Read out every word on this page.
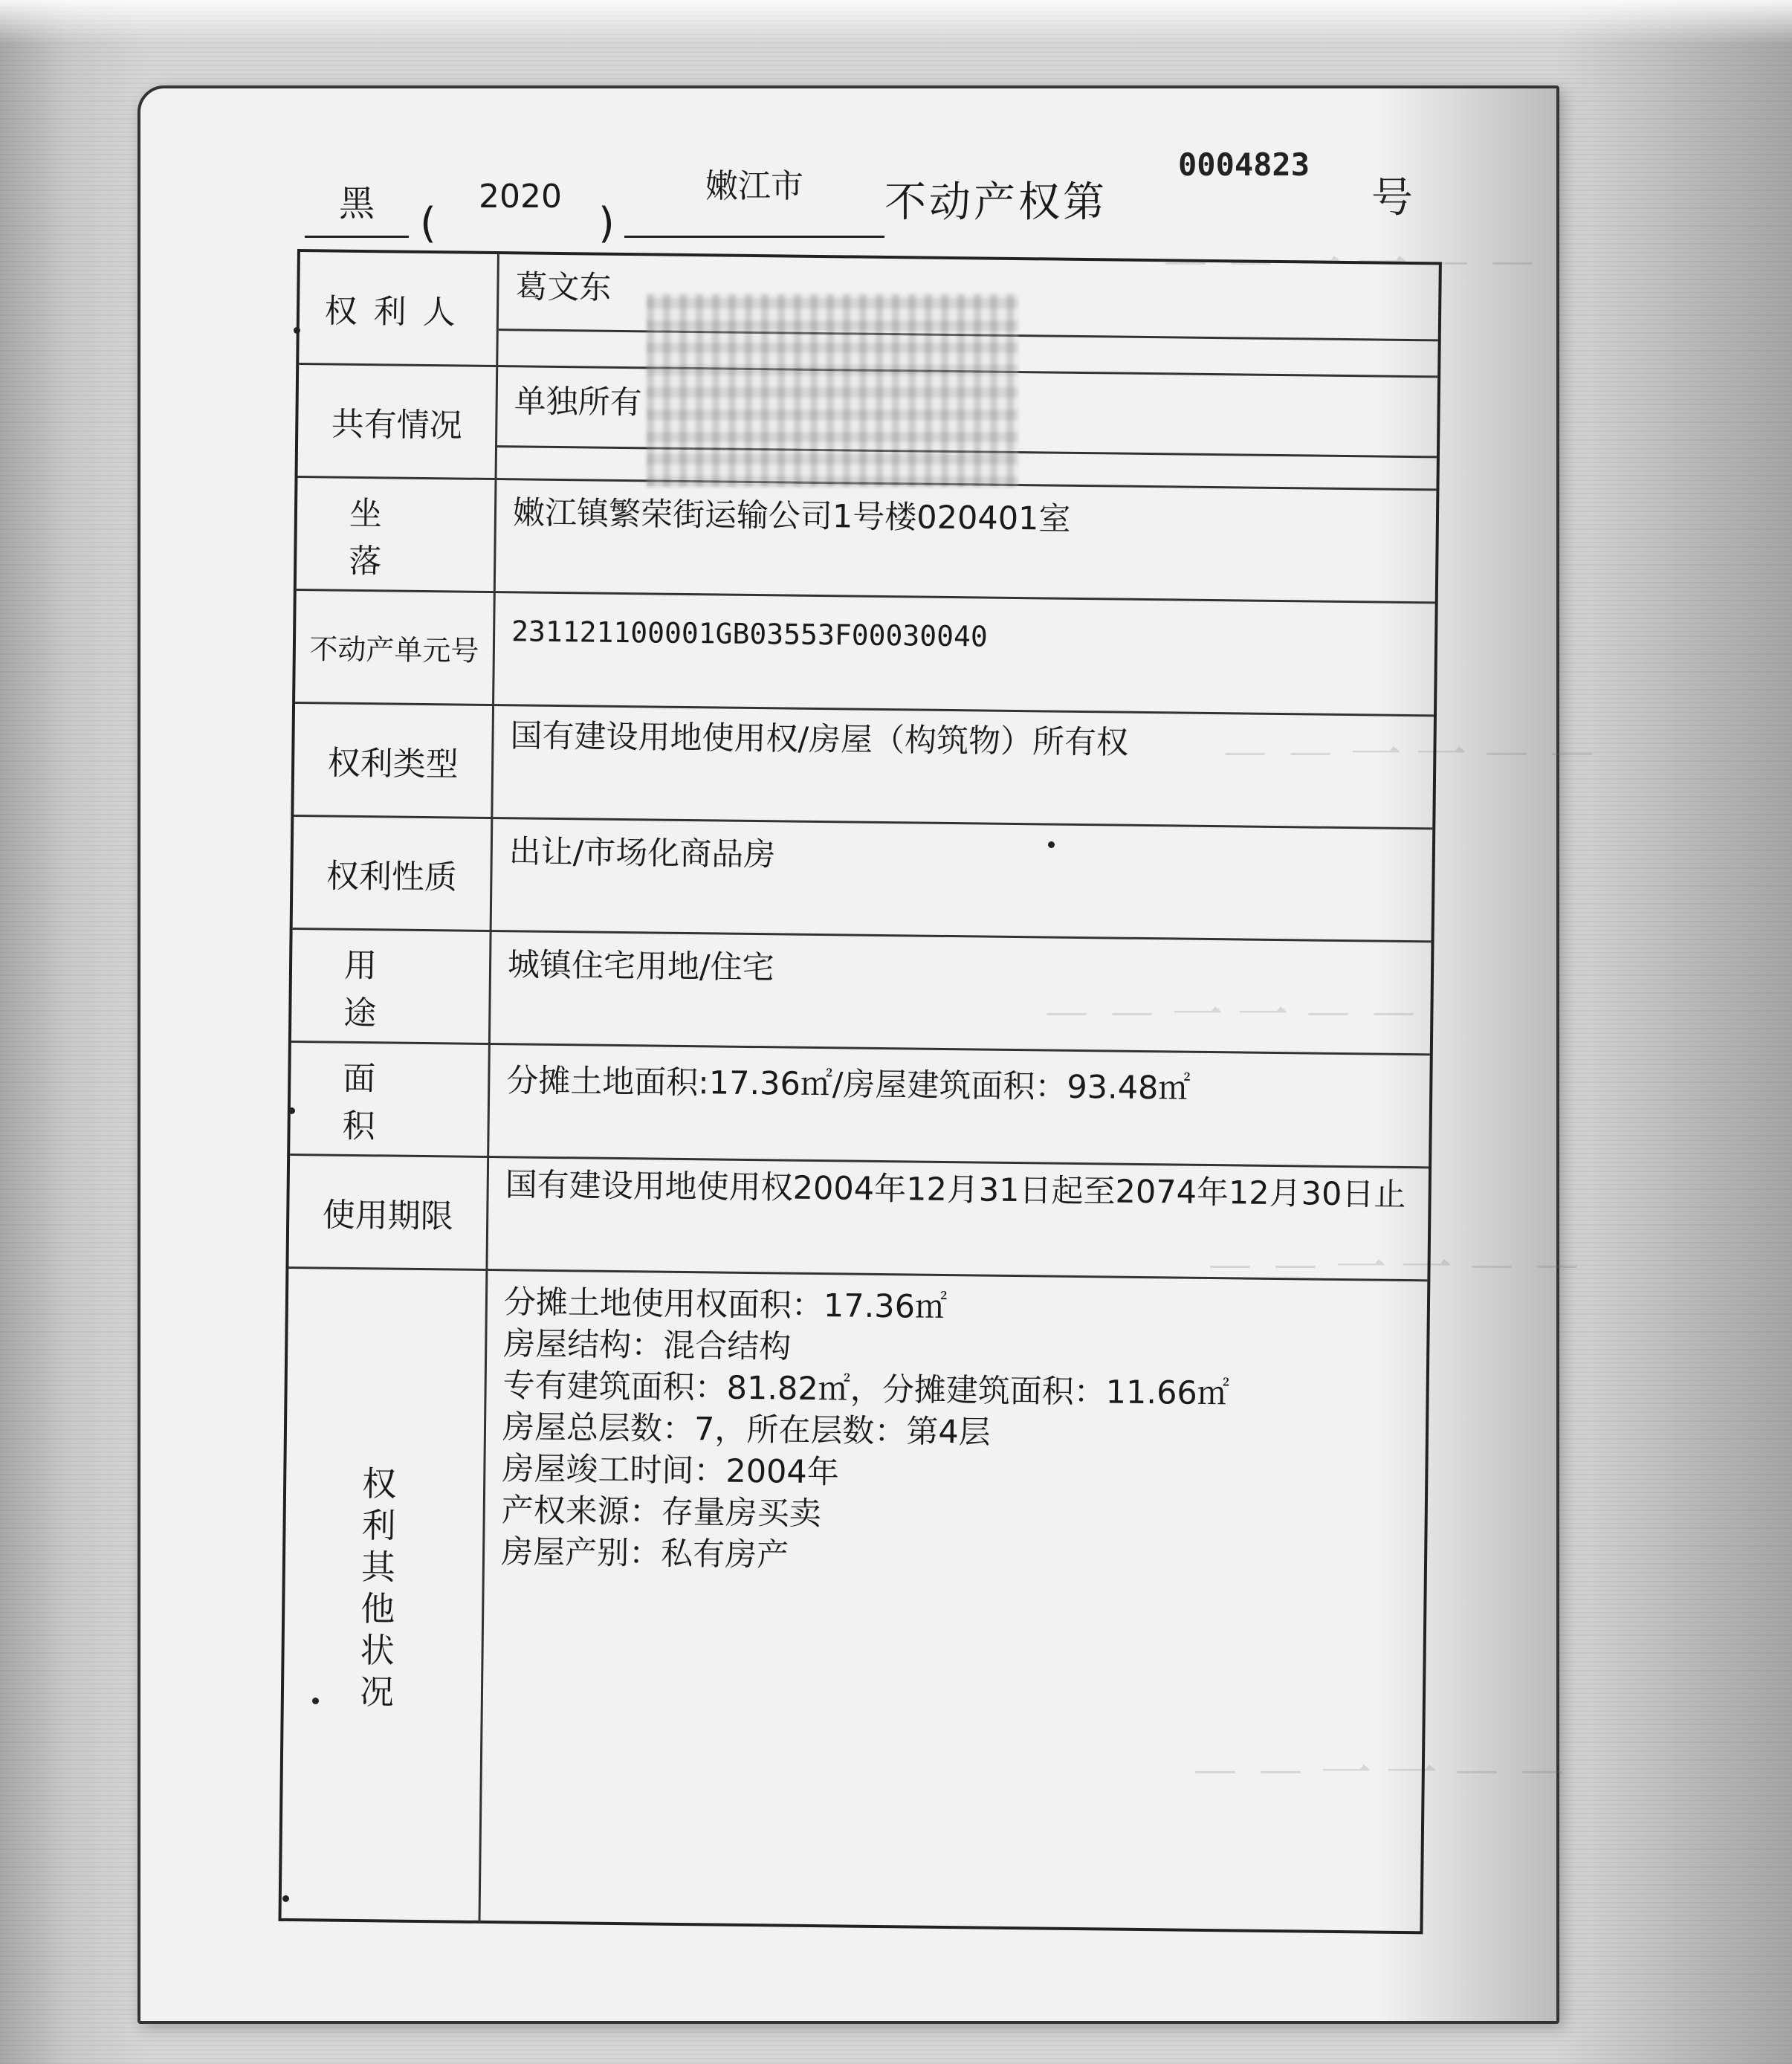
－－一一－－
－－一一－－
－－一一－－
－－一一－－
－－一一－－
黑	(
2020
)
嫩江市	不动产权第
0004823
号
权利人
葛文东
共有情况
单独所有
坐落
嫩江镇繁荣街运输公司1号楼020401室
不动产单元号 231121100001GB03553F00030040
权利类型
国有建设用地使用权/房屋（构筑物）所有权
权利性质
出让/市场化商品房
用途
城镇住宅用地/住宅
面积
分摊土地面积:17.36㎡/房屋建筑面积：93.48㎡
使用期限
国有建设用地使用权2004年12月31日起至2074年12月30日止
权
利
其
他
状
况
分摊土地使用权面积：17.36㎡
房屋结构：混合结构
专有建筑面积：81.82㎡，分摊建筑面积：11.66㎡
房屋总层数：7，所在层数：第4层
房屋竣工时间：2004年
产权来源：存量房买卖
房屋产别：私有房产
